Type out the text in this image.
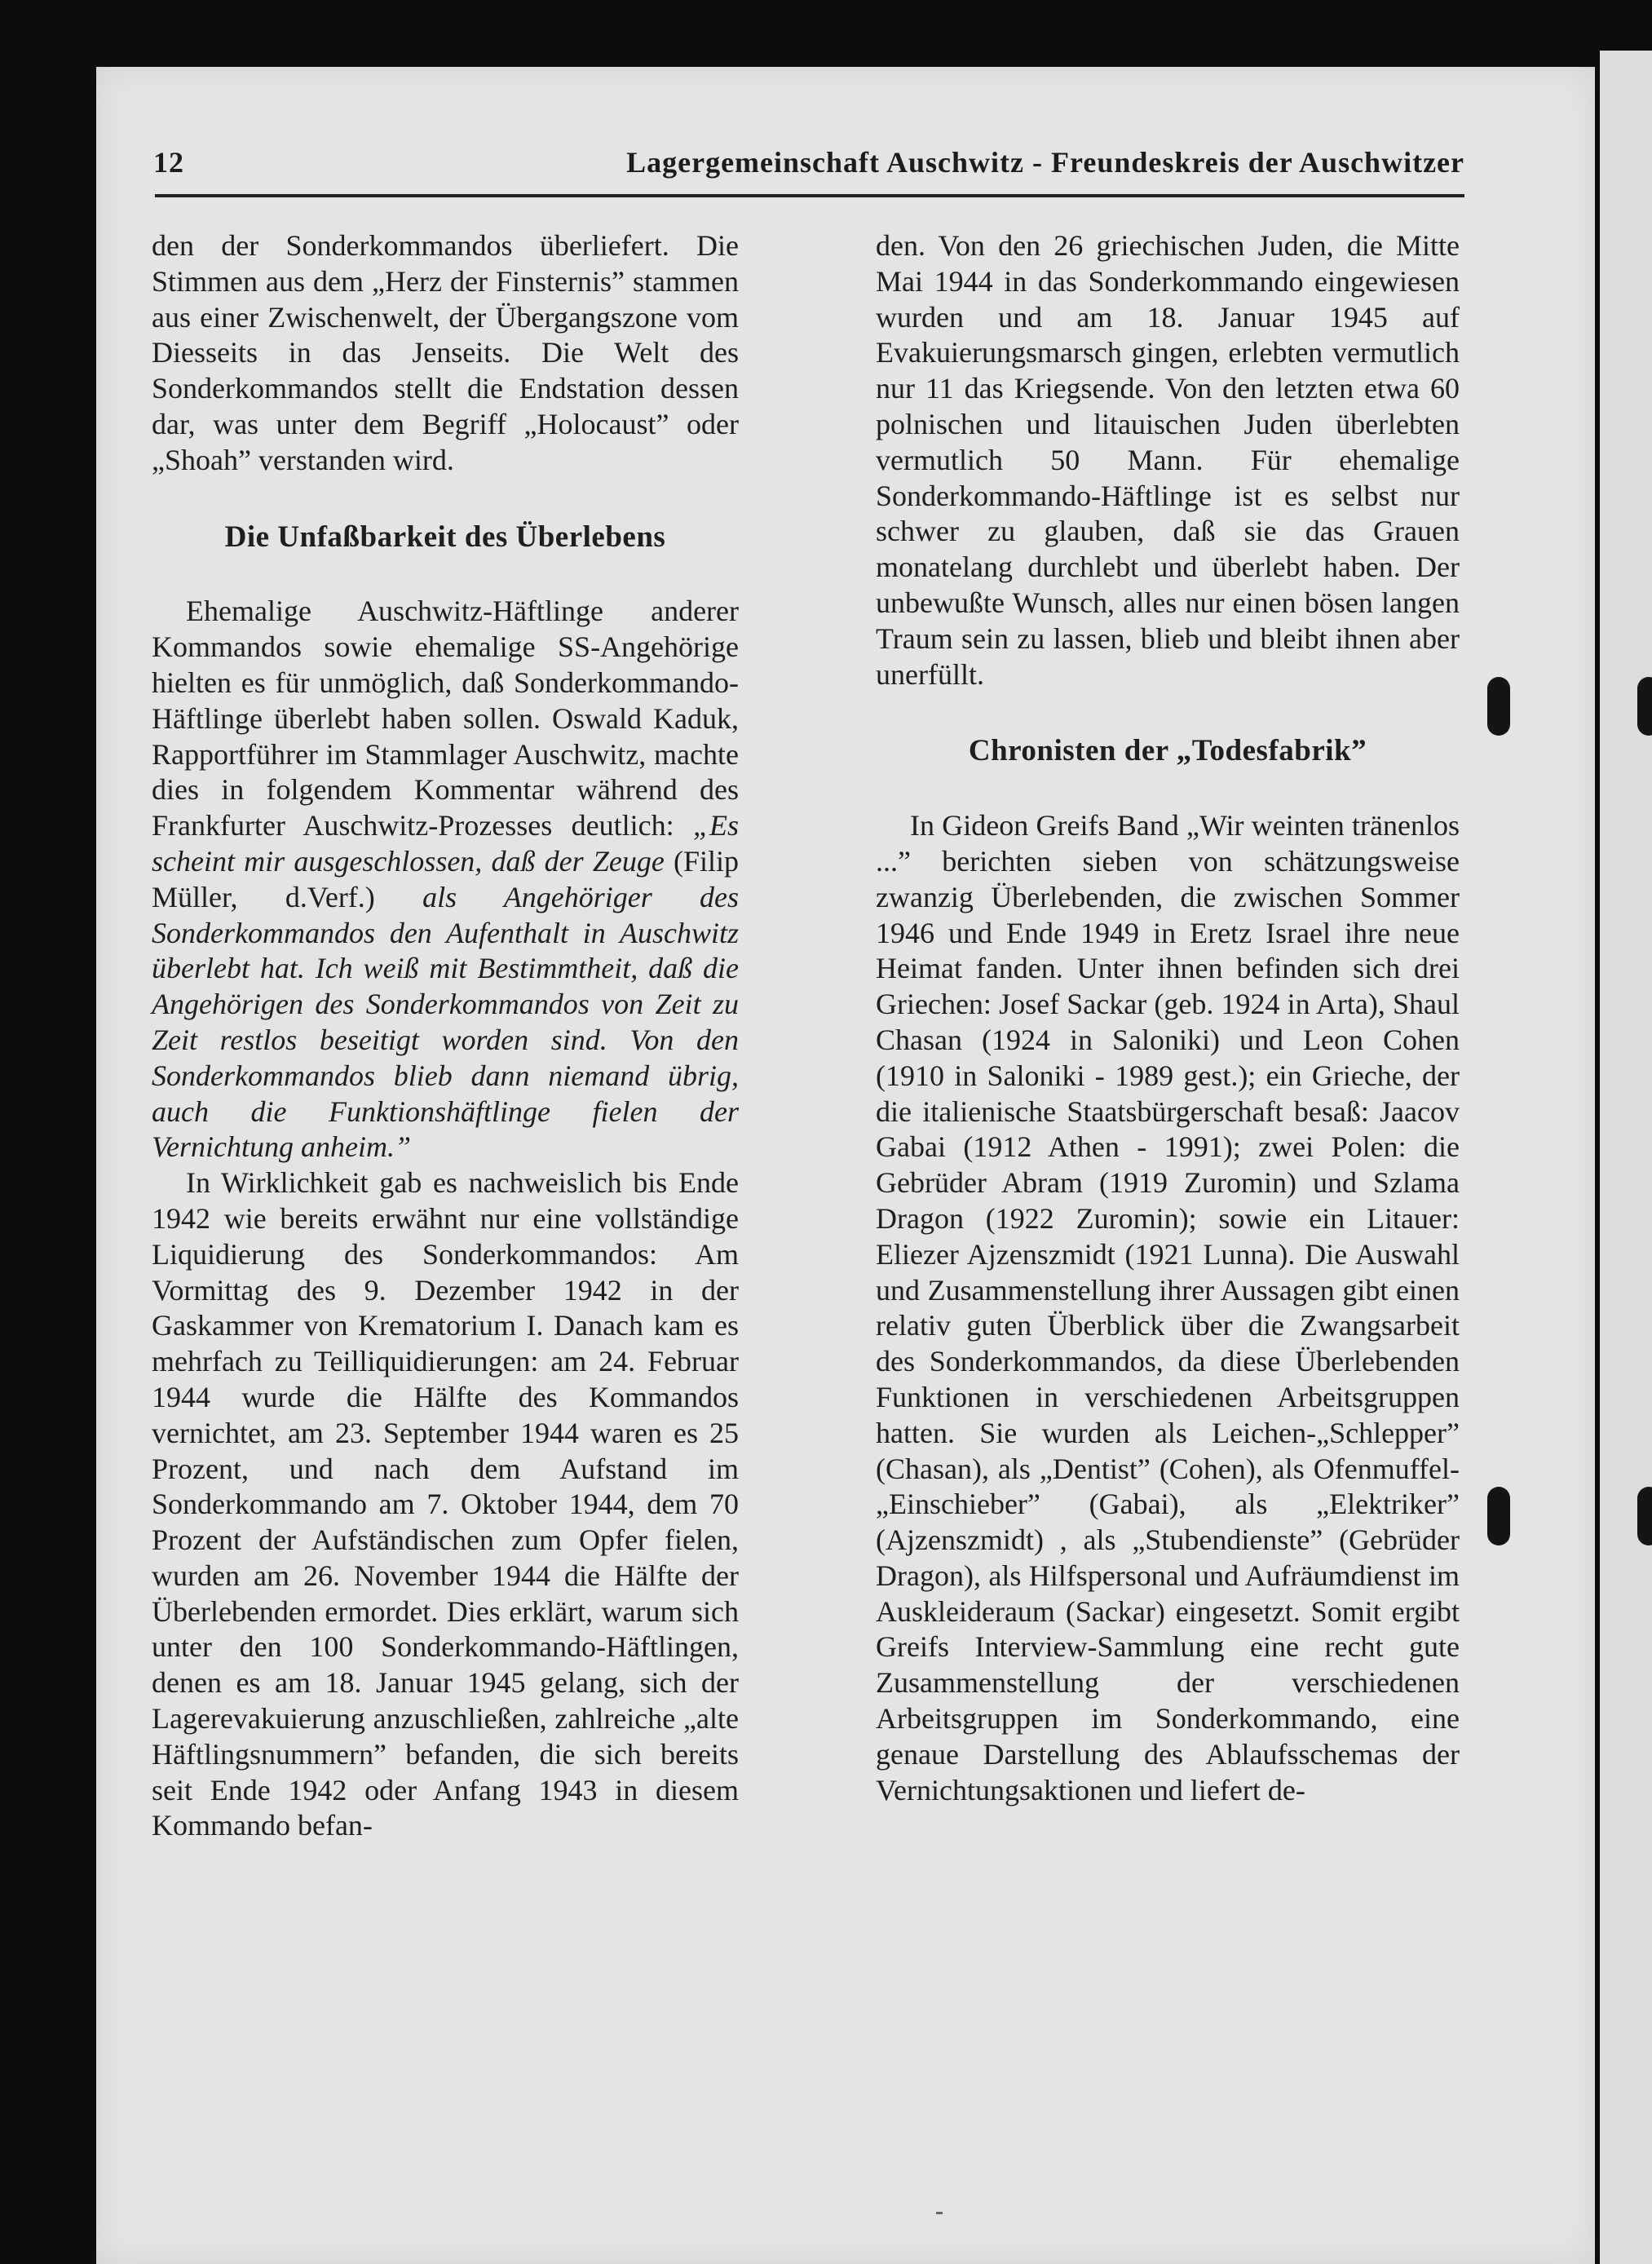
12	Lagergemeinschaft Auschwitz - Freundeskreis der Auschwitzer

den der Sonderkommandos überliefert. Die Stimmen aus dem „Herz der Finsternis” stammen aus einer Zwischenwelt, der Übergangszone vom Diesseits in das Jenseits. Die Welt des Sonderkommandos stellt die Endstation dessen dar, was unter dem Begriff „Holocaust” oder „Shoah” verstanden wird.

Die Unfaßbarkeit des Überlebens

Ehemalige Auschwitz-Häftlinge anderer Kommandos sowie ehemalige SS-Angehörige hielten es für unmöglich, daß Sonderkommando-Häftlinge überlebt haben sollen. Oswald Kaduk, Rapportführer im Stammlager Auschwitz, machte dies in folgendem Kommentar während des Frankfurter Auschwitz-Prozesses deutlich: „Es scheint mir ausgeschlossen, daß der Zeuge (Filip Müller, d.Verf.) als Angehöriger des Sonderkommandos den Aufenthalt in Auschwitz überlebt hat. Ich weiß mit Bestimmtheit, daß die Angehörigen des Sonderkommandos von Zeit zu Zeit restlos beseitigt worden sind. Von den Sonderkommandos blieb dann niemand übrig, auch die Funktionshäftlinge fielen der Vernichtung anheim.”

In Wirklichkeit gab es nachweislich bis Ende 1942 wie bereits erwähnt nur eine vollständige Liquidierung des Sonderkommandos: Am Vormittag des 9. Dezember 1942 in der Gaskammer von Krematorium I. Danach kam es mehrfach zu Teilliquidierungen: am 24. Februar 1944 wurde die Hälfte des Kommandos vernichtet, am 23. September 1944 waren es 25 Prozent, und nach dem Aufstand im Sonderkommando am 7. Oktober 1944, dem 70 Prozent der Aufständischen zum Opfer fielen, wurden am 26. November 1944 die Hälfte der Überlebenden ermordet. Dies erklärt, warum sich unter den 100 Sonderkommando-Häftlingen, denen es am 18. Januar 1945 gelang, sich der Lagerevakuierung anzuschließen, zahlreiche „alte Häftlingsnummern” befanden, die sich bereits seit Ende 1942 oder Anfang 1943 in diesem Kommando befan-

den. Von den 26 griechischen Juden, die Mitte Mai 1944 in das Sonderkommando eingewiesen wurden und am 18. Januar 1945 auf Evakuierungsmarsch gingen, erlebten vermutlich nur 11 das Kriegsende. Von den letzten etwa 60 polnischen und litauischen Juden überlebten vermutlich 50 Mann. Für ehemalige Sonderkommando-Häftlinge ist es selbst nur schwer zu glauben, daß sie das Grauen monatelang durchlebt und überlebt haben. Der unbewußte Wunsch, alles nur einen bösen langen Traum sein zu lassen, blieb und bleibt ihnen aber unerfüllt.

Chronisten der „Todesfabrik”

In Gideon Greifs Band „Wir weinten tränenlos ...” berichten sieben von schätzungsweise zwanzig Überlebenden, die zwischen Sommer 1946 und Ende 1949 in Eretz Israel ihre neue Heimat fanden. Unter ihnen befinden sich drei Griechen: Josef Sackar (geb. 1924 in Arta), Shaul Chasan (1924 in Saloniki) und Leon Cohen (1910 in Saloniki - 1989 gest.); ein Grieche, der die italienische Staatsbürgerschaft besaß: Jaacov Gabai (1912 Athen - 1991); zwei Polen: die Gebrüder Abram (1919 Zuromin) und Szlama Dragon (1922 Zuromin); sowie ein Litauer: Eliezer Ajzenszmidt (1921 Lunna). Die Auswahl und Zusammenstellung ihrer Aussagen gibt einen relativ guten Überblick über die Zwangsarbeit des Sonderkommandos, da diese Überlebenden Funktionen in verschiedenen Arbeitsgruppen hatten. Sie wurden als Leichen-„Schlepper” (Chasan), als „Dentist” (Cohen), als Ofenmuffel-„Einschieber” (Gabai), als „Elektriker” (Ajzenszmidt) , als „Stubendienste” (Gebrüder Dragon), als Hilfspersonal und Aufräumdienst im Auskleideraum (Sackar) eingesetzt. Somit ergibt Greifs Interview-Sammlung eine recht gute Zusammenstellung der verschiedenen Arbeitsgruppen im Sonderkommando, eine genaue Darstellung des Ablaufsschemas der Vernichtungsaktionen und liefert de-
